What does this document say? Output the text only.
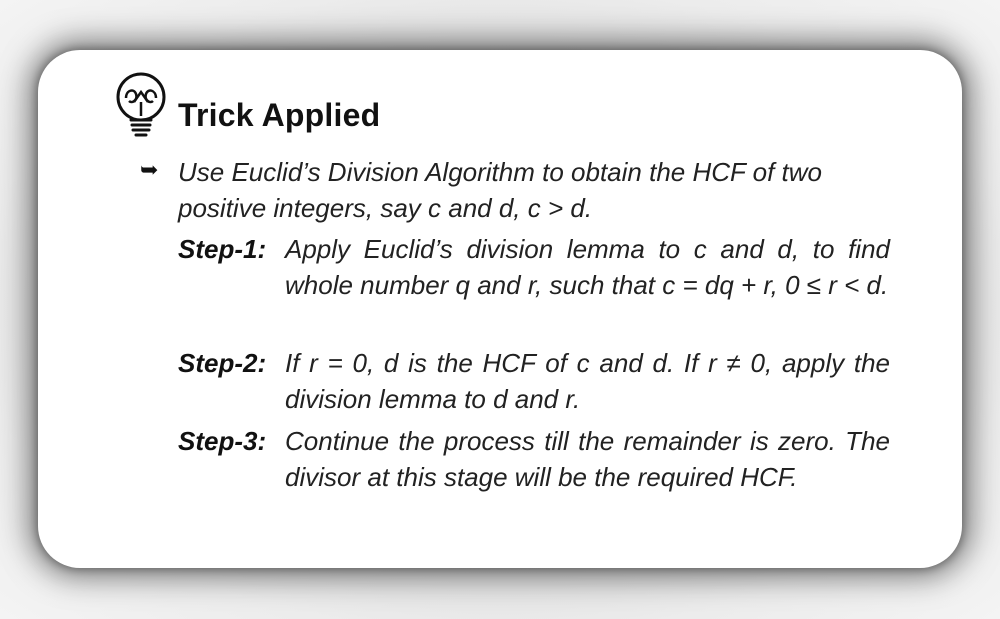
Trick Applied
➥ Use Euclid’s Division Algorithm to obtain the HCF of two positive integers, say c and d, c > d.
Step-1: Apply Euclid’s division lemma to c and d, to find whole number q and r, such that c = dq + r, 0 ≤ r < d.
Step-2: If r = 0, d is the HCF of c and d. If r ≠ 0, apply the division lemma to d and r.
Step-3: Continue the process till the remainder is zero. The divisor at this stage will be the required HCF.
